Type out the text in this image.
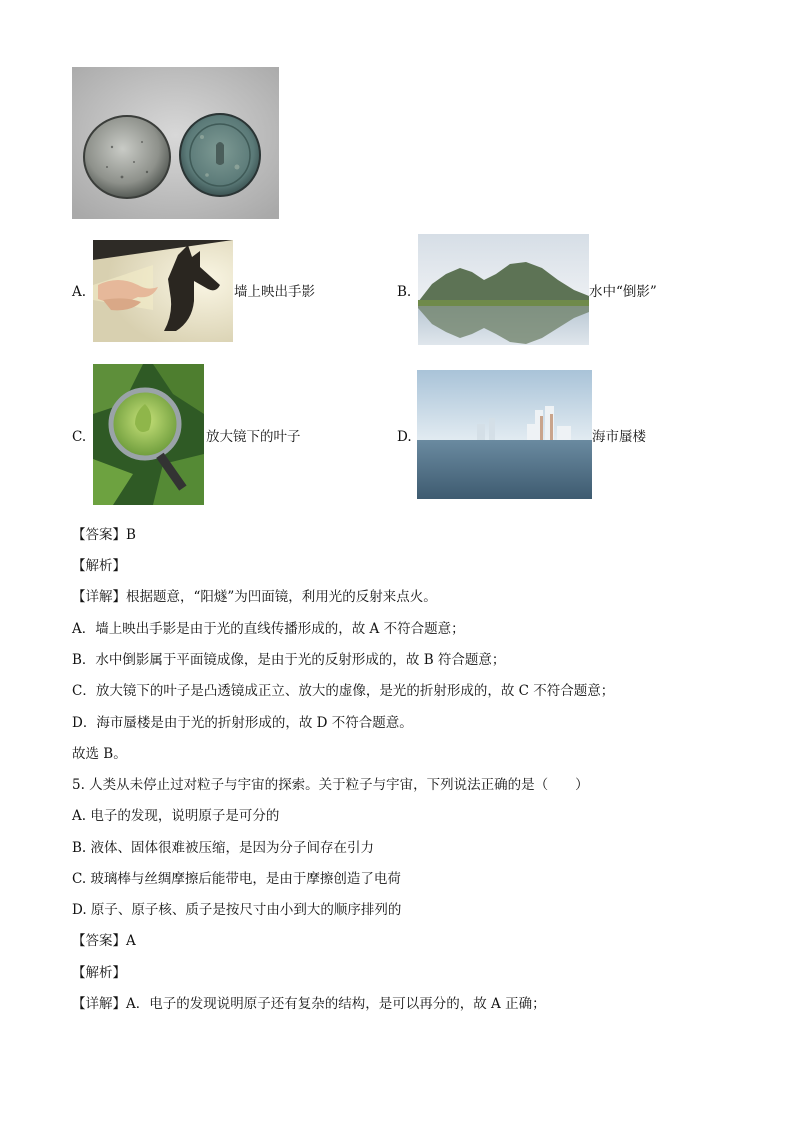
A.	墙上映出手影	B.	水中“倒影”
C.	放大镜下的叶子	D.	海市蜃楼
【答案】B
【解析】
【详解】根据题意，“阳燧”为凹面镜，利用光的反射来点火。
A．墙上映出手影是由于光的直线传播形成的，故 A 不符合题意；
B．水中倒影属于平面镜成像，是由于光的反射形成的，故 B 符合题意；
C．放大镜下的叶子是凸透镜成正立、放大的虚像，是光的折射形成的，故 C 不符合题意；
D．海市蜃楼是由于光的折射形成的，故 D 不符合题意。
故选 B。
5. 人类从未停止过对粒子与宇宙的探索。关于粒子与宇宙，下列说法正确的是（　　）
A. 电子的发现，说明原子是可分的
B. 液体、固体很难被压缩，是因为分子间存在引力
C. 玻璃棒与丝绸摩擦后能带电，是由于摩擦创造了电荷
D. 原子、原子核、质子是按尺寸由小到大的顺序排列的
【答案】A
【解析】
【详解】A．电子的发现说明原子还有复杂的结构，是可以再分的，故 A 正确；
